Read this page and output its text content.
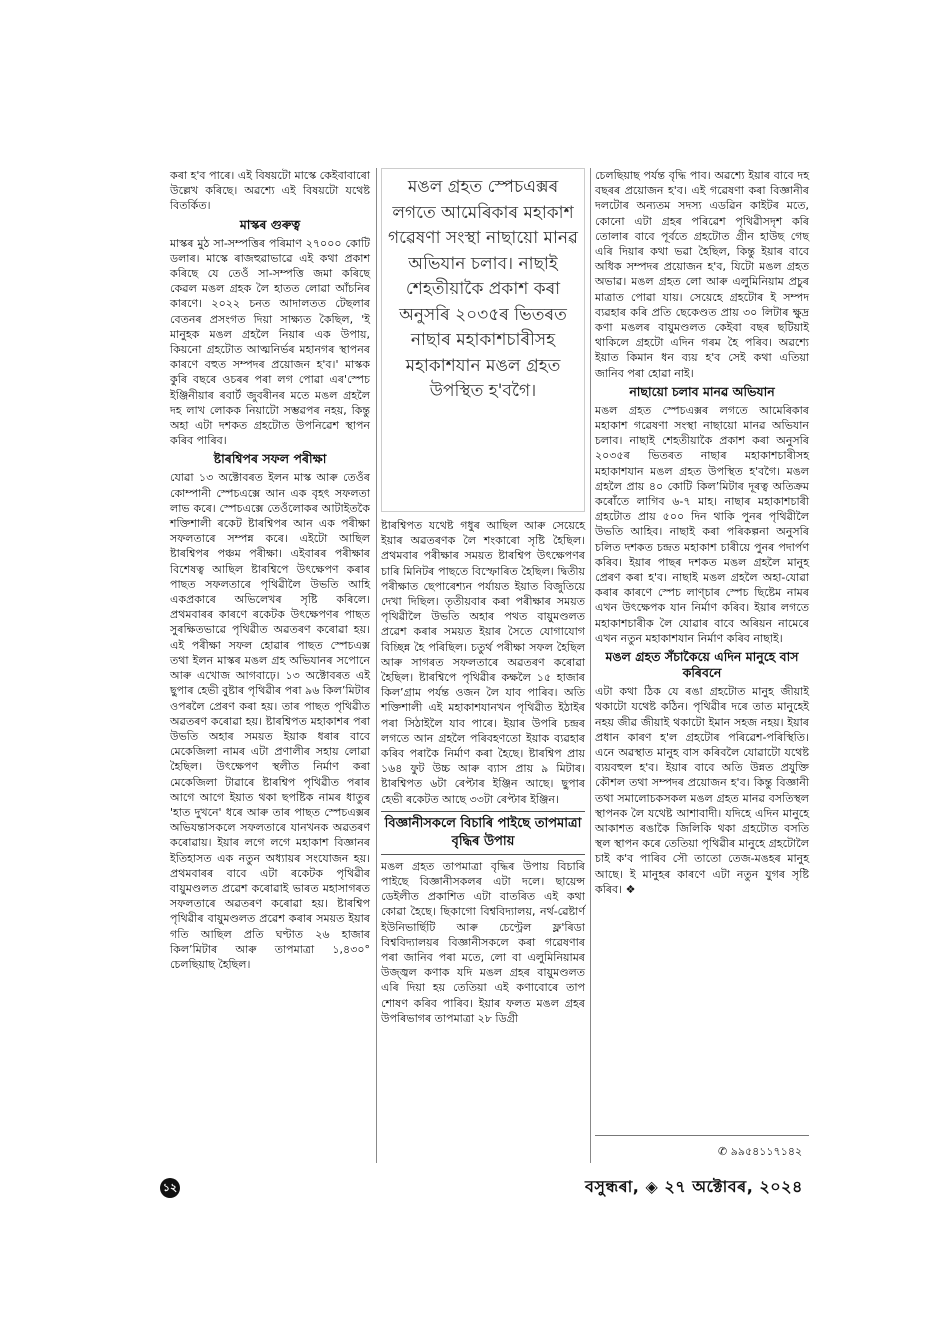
কৰা হ'ব পাৰে। এই বিষয়টো মাস্কে কেইবাবাৰো উল্লেখ কৰিছে। অৱশ্যে এই বিষয়টো যথেষ্ট বিতৰ্কিত।

মাস্কৰ গুৰুত্ব

মাস্কৰ মুঠ সা-সম্পত্তিৰ পৰিমাণ ২৭০০০ কোটি ডলাৰ। মাস্কে ৰাজহুৱাভাৱে এই কথা প্ৰকাশ কৰিছে যে তেওঁ সা-সম্পত্তি জমা কৰিছে কেৱল মঙল গ্ৰহক লৈ হাতত লোৱা আঁচনিৰ কাৰণে। ২০২২ চনত আদালতত টেছলাৰ বেতনৰ প্ৰসংগত দিয়া সাক্ষ্যত কৈছিল, 'ই মানুহক মঙল গ্ৰহলৈ নিয়াৰ এক উপায়, কিয়নো গ্ৰহটোত আত্মনিৰ্ভৰ মহানগৰ স্থাপনৰ কাৰণে বহুত সম্পদৰ প্ৰয়োজন হ'ব।' মাস্কক কুৰি বছৰে ওচৰৰ পৰা লগ পোৱা এৰ'স্পেচ ইঞ্জিনীয়াৰ ৰবাৰ্ট জুবৰীনৰ মতে মঙল গ্ৰহলৈ দহ লাখ লোকক নিয়াটো সম্ভৱপৰ নহয়, কিন্তু অহা এটা দশকত গ্ৰহটোত উপনিৱেশ স্থাপন কৰিব পাৰিব।

ষ্টাৰশ্বিপৰ সফল পৰীক্ষা

যোৱা ১৩ অক্টোবৰত ইলন মাস্ক আৰু তেওঁৰ কোম্পানী স্পেচএক্সে আন এক বৃহৎ সফলতা লাভ কৰে। স্পেচএক্সে তেওঁলোকৰ আটাইতকৈ শক্তিশালী ৰকেট ষ্টাৰশ্বিপৰ আন এক পৰীক্ষা সফলতাৰে সম্পন্ন কৰে। এইটো আছিল ষ্টাৰশ্বিপৰ পঞ্চম পৰীক্ষা। এইবাৰৰ পৰীক্ষাৰ বিশেষত্ব আছিল ষ্টাৰশ্বিপে উৎক্ষেপণ কৰাৰ পাছত সফলতাৰে পৃথিৱীলৈ উভতি আহি একপ্ৰকাৰে অভিলেখৰ সৃষ্টি কৰিলে। প্ৰথমবাৰৰ কাৰণে ৰকেটক উৎক্ষেপণৰ পাছত সুৰক্ষিতভাৱে পৃথিৱীত অৱতৰণ কৰোৱা হয়। এই পৰীক্ষা সফল হোৱাৰ পাছত স্পেচএক্স তথা ইলন মাস্কৰ মঙল গ্ৰহ অভিযানৰ সপোনে আৰু এখোজ আগবাঢ়ে। ১৩ অক্টোবৰত এই ছুপাৰ হেভী বুষ্টাৰ পৃথিৱীৰ পৰা ৯৬ কিলʼমিটাৰ ওপৰলৈ প্ৰেৰণ কৰা হয়। তাৰ পাছত পৃথিৱীত অৱতৰণ কৰোৱা হয়। ষ্টাৰশ্বিপত মহাকাশৰ পৰা উভতি অহাৰ সময়ত ইয়াক ধৰাৰ বাবে মেকেজিলা নামৰ এটা প্ৰণালীৰ সহায় লোৱা হৈছিল। উৎক্ষেপণ স্থলীত নিৰ্মাণ কৰা মেকেজিলা টাৱাৰে ষ্টাৰশ্বিপ পৃথিৱীত পৰাৰ আগে আগে ইয়াত থকা ছপষ্টিক নামৰ ধাতুৰ 'হাত দুখনে' ধৰে আৰু তাৰ পাছত স্পেচএক্সৰ অভিযন্তাসকলে সফলতাৰে যানখনক অৱতৰণ কৰোৱায়। ইয়াৰ লগে লগে মহাকাশ বিজ্ঞানৰ ইতিহাসত এক নতুন অধ্যায়ৰ সংযোজন হয়। প্ৰথমবাৰৰ বাবে এটা ৰকেটক পৃথিৱীৰ বায়ুমণ্ডলত প্ৰৱেশ কৰোৱাই ভাৰত মহাসাগৰত সফলতাৰে অৱতৰণ কৰোৱা হয়। ষ্টাৰশ্বিপ পৃথিৱীৰ বায়ুমণ্ডলত প্ৰৱেশ কৰাৰ সময়ত ইয়াৰ গতি আছিল প্ৰতি ঘণ্টাত ২৬ হাজাৰ কিলʼমিটাৰ আৰু তাপমাত্ৰা ১,৪৩০° চেলছিয়াছ হৈছিল।

মঙল গ্ৰহত স্পেচএক্সৰ লগতে আমেৰিকাৰ মহাকাশ গৱেষণা সংস্থা নাছায়ো মানৱ অভিযান চলাব। নাছাই শেহতীয়াকৈ প্ৰকাশ কৰা অনুসৰি ২০৩৫ৰ ভিতৰত নাছাৰ মহাকাশচাৰীসহ মহাকাশযান মঙল গ্ৰহত উপস্থিত হ'বগৈ।

ষ্টাৰশ্বিপত যথেষ্ট গধুৰ আছিল আৰু সেয়েহে ইয়াৰ অৱতৰণক লৈ শংকাৰো সৃষ্টি হৈছিল। প্ৰথমবাৰ পৰীক্ষাৰ সময়ত ষ্টাৰশ্বিপ উৎক্ষেপণৰ চাৰি মিনিটৰ পাছতে বিস্ফোৰিত হৈছিল। দ্বিতীয় পৰীক্ষাত ছেপাৰেশ্যন পৰ্যায়ত ইয়াত বিজুতিয়ে দেখা দিছিল। তৃতীয়বাৰ কৰা পৰীক্ষাৰ সময়ত পৃথিৱীলৈ উভতি অহাৰ পথত বায়ুমণ্ডলত প্ৰৱেশ কৰাৰ সময়ত ইয়াৰ সৈতে যোগাযোগ বিচ্ছিন্ন হৈ পৰিছিল। চতুৰ্থ পৰীক্ষা সফল হৈছিল আৰু সাগৰত সফলতাৰে অৱতৰণ কৰোৱা হৈছিল। ষ্টাৰশ্বিপে পৃথিৱীৰ কক্ষলৈ ১৫ হাজাৰ কিলʼগ্ৰাম পৰ্যন্ত ওজন লৈ যাব পাৰিব। অতি শক্তিশালী এই মহাকাশযানখন পৃথিৱীত ইঠাইৰ পৰা সিঠাইলৈ যাব পাৰে। ইয়াৰ উপৰি চন্দ্ৰৰ লগতে আন গ্ৰহলৈ পৰিবহণতো ইয়াক ব্যৱহাৰ কৰিব পৰাকৈ নিৰ্মাণ কৰা হৈছে। ষ্টাৰশ্বিপ প্ৰায় ১৬৪ ফুট উচ্চ আৰু ব্যাস প্ৰায় ৯ মিটাৰ। ষ্টাৰশ্বিপত ৬টা ৰেপ্টাৰ ইঞ্জিন আছে। ছুপাৰ হেভী ৰকেটত আছে ৩৩টা ৰেপ্টাৰ ইঞ্জিন।

বিজ্ঞানীসকলে বিচাৰি পাইছে তাপমাত্ৰা বৃদ্ধিৰ উপায়

মঙল গ্ৰহত তাপমাত্ৰা বৃদ্ধিৰ উপায় বিচাৰি পাইছে বিজ্ঞানীসকলৰ এটা দলে। ছায়েন্স ডেইলীত প্ৰকাশিত এটা বাতৰিত এই কথা কোৱা হৈছে। ছিকাগো বিশ্ববিদ্যালয়, নৰ্থ-ৱেষ্টাৰ্ণ ইউনিভাৰ্ছিটি আৰু চেণ্ট্ৰেল ফ্ল'ৰিডা বিশ্ববিদ্যালয়ৰ বিজ্ঞানীসকলে কৰা গৱেষণাৰ পৰা জানিব পৰা মতে, লো বা এলুমিনিয়ামৰ উজ্জ্বল কণাক যদি মঙল গ্ৰহৰ বায়ুমণ্ডলত এৰি দিয়া হয় তেতিয়া এই কণাবোৰে তাপ শোষণ কৰিব পাৰিব। ইয়াৰ ফলত মঙল গ্ৰহৰ উপৰিভাগৰ তাপমাত্ৰা ২৮ ডিগ্ৰী

চেলছিয়াছ পৰ্যন্ত বৃদ্ধি পাব। অৱশ্যে ইয়াৰ বাবে দহ বছৰৰ প্ৰয়োজন হ'ব। এই গৱেষণা কৰা বিজ্ঞানীৰ দলটোৰ অন্যতম সদস্য এডৱিন কাইটৰ মতে, কোনো এটা গ্ৰহৰ পৰিৱেশ পৃথিৱীসদৃশ কৰি তোলাৰ বাবে পূৰ্বতে গ্ৰহটোত গ্ৰীন হাউছ গেছ এৰি দিয়াৰ কথা ভৱা হৈছিল, কিন্তু ইয়াৰ বাবে অধিক সম্পদৰ প্ৰয়োজন হ'ব, যিটো মঙল গ্ৰহত অভাৱ। মঙল গ্ৰহত লো আৰু এলুমিনিয়াম প্ৰচুৰ মাত্ৰাত পোৱা যায়। সেয়েহে গ্ৰহটোৰ ই সম্পদ ব্যৱহাৰ কৰি প্ৰতি ছেকেণ্ডত প্ৰায় ৩০ লিটাৰ ক্ষুদ্ৰ কণা মঙলৰ বায়ুমণ্ডলত কেইবা বছৰ ছটিয়াই থাকিলে গ্ৰহটো এদিন গৰম হৈ পৰিব। অৱশ্যে ইয়াত কিমান ধন ব্যয় হ'ব সেই কথা এতিয়া জানিব পৰা হোৱা নাই।

নাছায়ো চলাব মানৱ অভিযান

মঙল গ্ৰহত স্পেচএক্সৰ লগতে আমেৰিকাৰ মহাকাশ গৱেষণা সংস্থা নাছায়ো মানৱ অভিযান চলাব। নাছাই শেহতীয়াকৈ প্ৰকাশ কৰা অনুসৰি ২০৩৫ৰ ভিতৰত নাছাৰ মহাকাশচাৰীসহ মহাকাশযান মঙল গ্ৰহত উপস্থিত হ'বগৈ। মঙল গ্ৰহলৈ প্ৰায় ৪০ কোটি কিলʼমিটাৰ দূৰত্ব অতিক্ৰম কৰোঁতে লাগিব ৬-৭ মাহ। নাছাৰ মহাকাশচাৰী গ্ৰহটোত প্ৰায় ৫০০ দিন থাকি পুনৰ পৃথিৱীলৈ উভতি আহিব। নাছাই কৰা পৰিকল্পনা অনুসৰি চলিত দশকত চন্দ্ৰত মহাকাশ চাৰীয়ে পুনৰ পদাৰ্পণ কৰিব। ইয়াৰ পাছৰ দশকত মঙল গ্ৰহলৈ মানুহ প্ৰেৰণ কৰা হ'ব। নাছাই মঙল গ্ৰহলৈ অহা-যোৱা কৰাৰ কাৰণে স্পেচ লাণ্চাৰ স্পেচ ছিষ্টেম নামৰ এখন উৎক্ষেপক যান নিৰ্মাণ কৰিব। ইয়াৰ লগতে মহাকাশচাৰীক লৈ যোৱাৰ বাবে অৰিয়ন নামেৰে এখন নতুন মহাকাশযান নিৰ্মাণ কৰিব নাছাই।

মঙল গ্ৰহত সঁচাকৈয়ে এদিন মানুহে বাস কৰিবনে

এটা কথা ঠিক যে ৰঙা গ্ৰহটোত মানুহ জীয়াই থকাটো যথেষ্ট কঠিন। পৃথিৱীৰ দৰে তাত মানুহেই নহয় জীৱ জীয়াই থকাটো ইমান সহজ নহয়। ইয়াৰ প্ৰধান কাৰণ হ'ল গ্ৰহটোৰ পৰিৱেশ-পৰিস্থিতি। এনে অৱস্থাত মানুহ বাস কৰিবলৈ যোৱাটো যথেষ্ট ব্যয়বহুল হ'ব। ইয়াৰ বাবে অতি উন্নত প্ৰযুক্তি কৌশল তথা সম্পদৰ প্ৰয়োজন হ'ব। কিন্তু বিজ্ঞানী তথা সমালোচকসকল মঙল গ্ৰহত মানৱ বসতিস্থল স্থাপনক লৈ যথেষ্ট আশাবাদী। যদিহে এদিন মানুহে আকাশত ৰঙাকৈ জিলিকি থকা গ্ৰহটোত বসতি স্থল স্থাপন কৰে তেতিয়া পৃথিৱীৰ মানুহে গ্ৰহটোলৈ চাই ক'ব পাৰিব সৌ তাতো তেজ-মঙহৰ মানুহ আছে। ই মানুহৰ কাৰণে এটা নতুন যুগৰ সৃষ্টি কৰিব। ❖

✆ ৯৯৫৪১১৭১৪২
১২	বসুন্ধৰা, ◈ ২৭ অক্টোবৰ, ২০২৪
